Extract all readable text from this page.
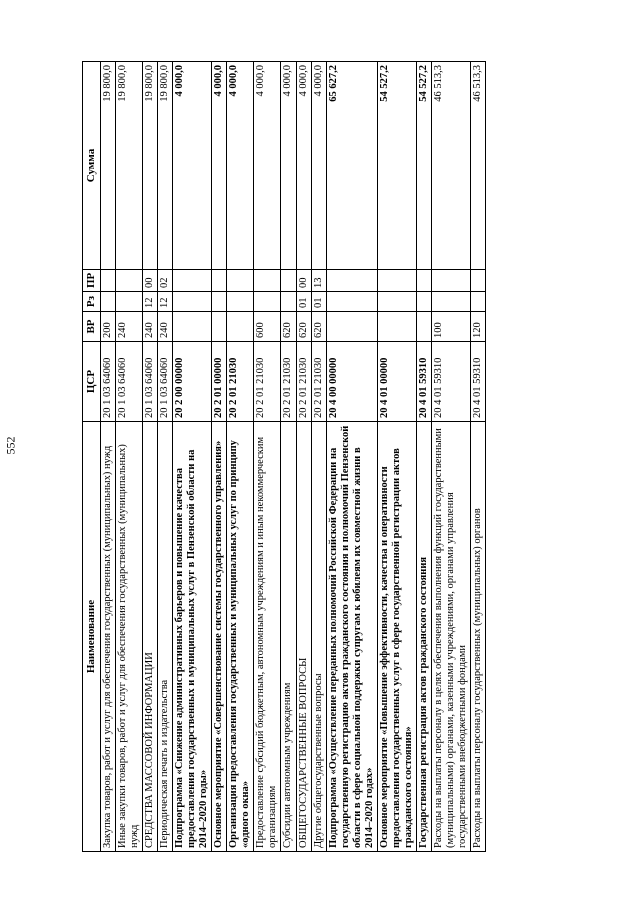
552
Наименование	ЦСР	ВР	Рз	ПР	Сумма
Закупка товаров, работ и услуг для обеспечения государственных (муниципальных) нужд	20 1 03 64060	200			19 800,0
Иные закупки товаров, работ и услуг для обеспечения государственных (муниципальных) нужд	20 1 03 64060	240			19 800,0
СРЕДСТВА МАССОВОЙ ИНФОРМАЦИИ	20 1 03 64060	240	12	00	19 800,0
Периодическая печать и издательства	20 1 03 64060	240	12	02	19 800,0
Подпрограмма «Снижение административных барьеров и повышение качества предоставления государственных и муниципальных услуг в Пензенской области на 2014–2020 годы»	20 2 00 00000				4 000,0
Основное мероприятие «Совершенствование системы государственного управления»	20 2 01 00000				4 000,0
Организация предоставления государственных и муниципальных услуг по принципу «одного окна»	20 2 01 21030				4 000,0
Предоставление субсидий бюджетным, автономным учреждениям и иным некоммерческим организациям	20 2 01 21030	600			4 000,0
Субсидии автономным учреждениям	20 2 01 21030	620			4 000,0
ОБЩЕГОСУДАРСТВЕННЫЕ ВОПРОСЫ	20 2 01 21030	620	01	00	4 000,0
Другие общегосударственные вопросы	20 2 01 21030	620	01	13	4 000,0
Подпрограмма «Осуществление переданных полномочий Российской Федерации на государственную регистрацию актов гражданского состояния и полномочий Пензенской области в сфере социальной поддержки супругам к юбилеям их совместной жизни в 2014–2020 годах»	20 4 00 00000				65 627,2
Основное мероприятие «Повышение эффективности, качества и оперативности предоставления государственных услуг в сфере государственной регистрации актов гражданского состояния»	20 4 01 00000				54 527,2
Государственная регистрация актов гражданского состояния	20 4 01 59310				54 527,2
Расходы на выплаты персоналу в целях обеспечения выполнения функций государственными (муниципальными) органами, казенными учреждениями, органами управления государственными внебюджетными фондами	20 4 01 59310	100			46 513,3
Расходы на выплаты персоналу государственных (муниципальных) органов	20 4 01 59310	120			46 513,3
